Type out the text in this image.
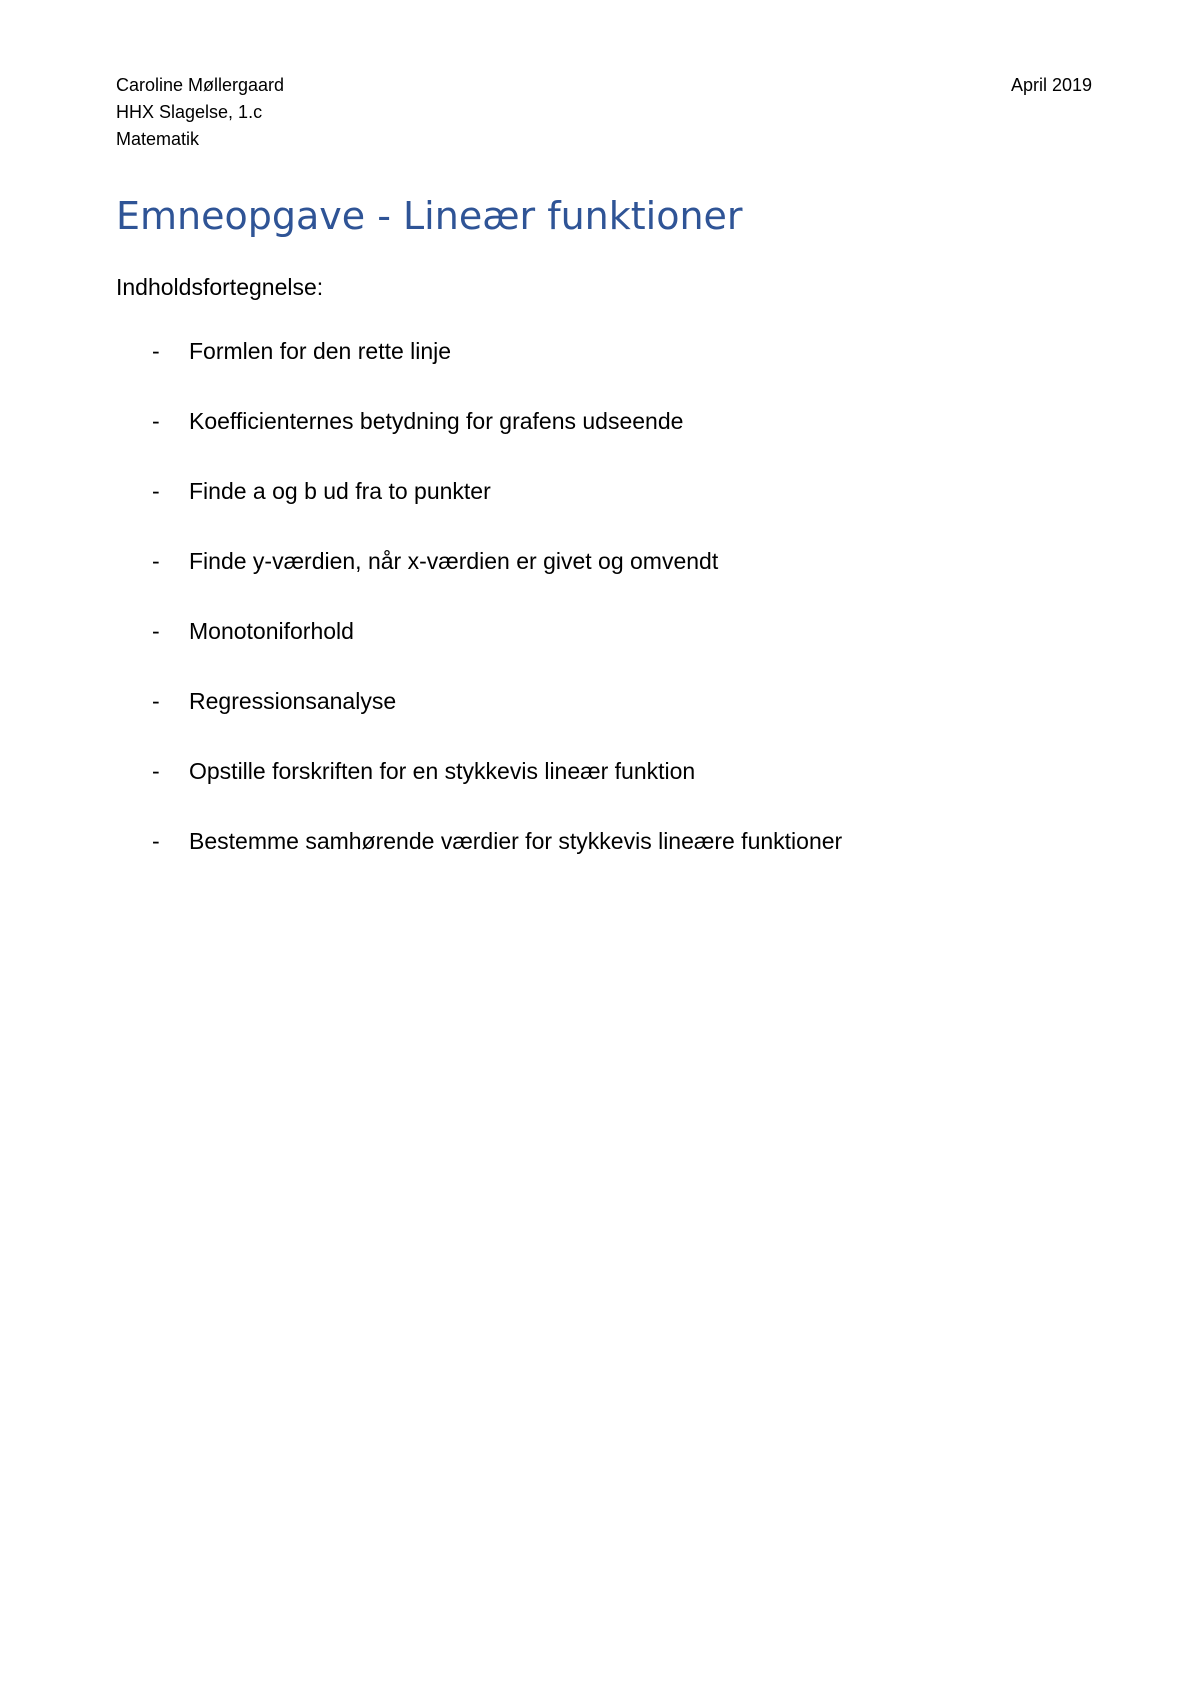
Caroline Møllergaard
HHX Slagelse, 1.c
Matematik
April 2019
Emneopgave - Lineær funktioner
Indholdsfortegnelse:
- Formlen for den rette linje
- Koefficienternes betydning for grafens udseende
- Finde a og b ud fra to punkter
- Finde y-værdien, når x-værdien er givet og omvendt
- Monotoniforhold
- Regressionsanalyse
- Opstille forskriften for en stykkevis lineær funktion
- Bestemme samhørende værdier for stykkevis lineære funktioner
